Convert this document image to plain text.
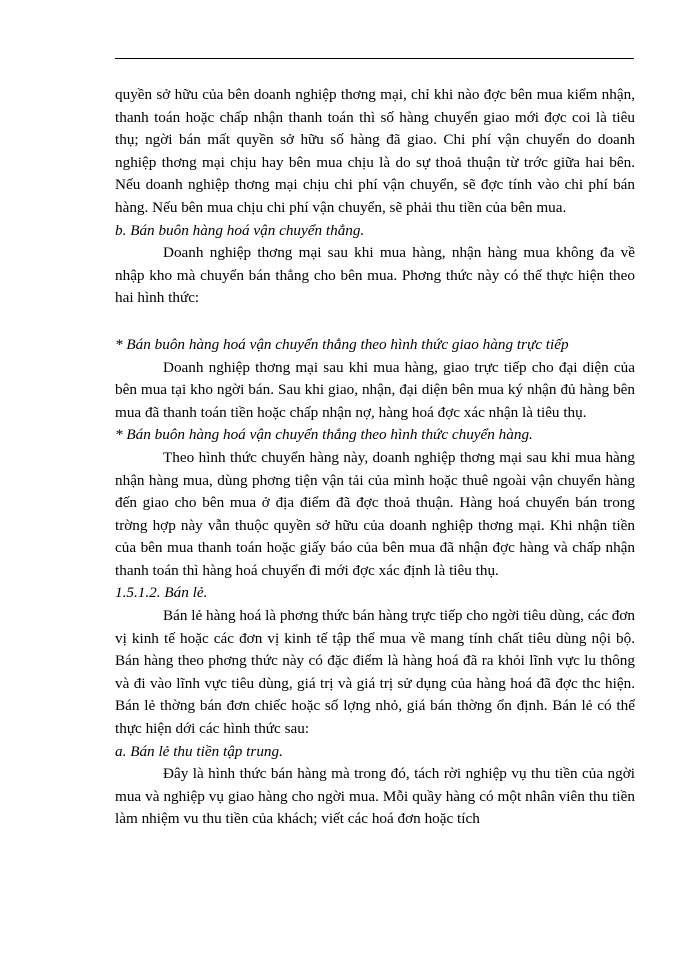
quyền sở hữu của bên doanh nghiệp thơng mại, chỉ khi nào đợc bên mua kiểm nhận, thanh toán hoặc chấp nhận thanh toán thì số hàng chuyển giao mới đợc coi là tiêu thụ; ngời bán mất quyền sở hữu số hàng đã giao. Chi phí vận chuyển do doanh nghiệp thơng mại chịu hay bên mua chịu là do sự thoả thuận từ trớc giữa hai bên. Nếu doanh nghiệp thơng mại chịu chi phí vận chuyển, sẽ đợc tính vào chi phí bán hàng. Nếu bên mua chịu chi phí vận chuyển, sẽ phải thu tiền của bên mua.

b. Bán buôn hàng hoá vận chuyển thẳng.

Doanh nghiệp thơng mại sau khi mua hàng, nhận hàng mua không đa về nhập kho mà chuyển bán thẳng cho bên mua. Phơng thức này có thể thực hiện theo hai hình thức:

* Bán buôn hàng hoá vận chuyển thẳng theo hình thức giao hàng trực tiếp

Doanh nghiệp thơng mại sau khi mua hàng, giao trực tiếp cho đại diện của bên mua tại kho ngời bán. Sau khi giao, nhận, đại diện bên mua ký nhận đủ hàng bên mua đã thanh toán tiền hoặc chấp nhận nợ, hàng hoá đợc xác nhận là tiêu thụ.

* Bán buôn hàng hoá vận chuyển thẳng theo hình thức chuyển hàng.

Theo hình thức chuyển hàng này, doanh nghiệp thơng mại sau khi mua hàng nhận hàng mua, dùng phơng tiện vận tải của mình hoặc thuê ngoài vận chuyển hàng đến giao cho bên mua ở địa điểm đã đợc thoả thuận. Hàng hoá chuyển bán trong trờng hợp này vẫn thuộc quyền sở hữu của doanh nghiệp thơng mại. Khi nhận tiền của bên mua thanh toán hoặc giấy báo của bên mua đã nhận đợc hàng và chấp nhận thanh toán thì hàng hoá chuyển đi mới đợc xác định là tiêu thụ.

1.5.1.2. Bán lẻ.

Bán lẻ hàng hoá là phơng thức bán hàng trực tiếp cho ngời tiêu dùng, các đơn vị kinh tế hoặc các đơn vị kinh tế tập thể mua về mang tính chất tiêu dùng nội bộ. Bán hàng theo phơng thức này có đặc điểm là hàng hoá đã ra khỏi lĩnh vực lu thông và đi vào lĩnh vực tiêu dùng, giá trị và giá trị sử dụng của hàng hoá đã đợc thc hiện. Bán lẻ thờng bán đơn chiếc hoặc số lợng nhỏ, giá bán thờng ổn định. Bán lẻ có thể thực hiện dới các hình thức sau:

a. Bán lẻ thu tiền tập trung.

Đây là hình thức bán hàng mà trong đó, tách rời nghiệp vụ thu tiền của ngời mua và nghiệp vụ giao hàng cho ngời mua. Mỗi quầy hàng có một nhân viên thu tiền làm nhiệm vu thu tiền của khách; viết các hoá đơn hoặc tích
